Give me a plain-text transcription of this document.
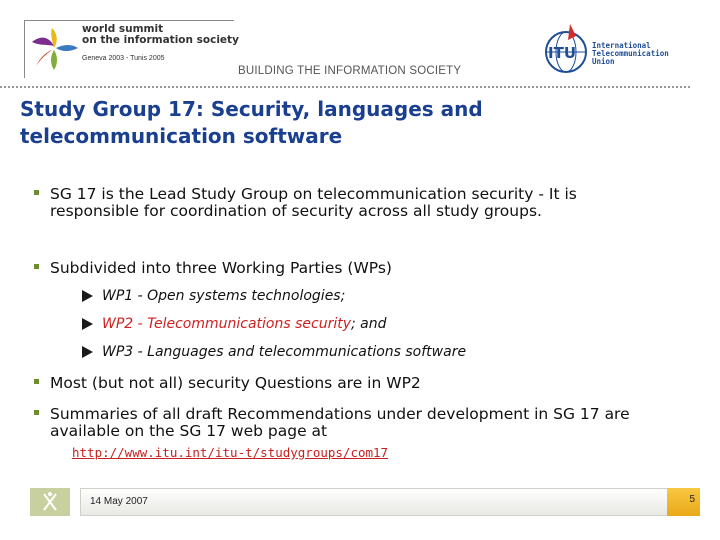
world summit
on the information society
Geneva 2003 - Tunis 2005	ITU International
Telecommunication
Union
BUILDING THE INFORMATION SOCIETY
Study Group 17: Security, languages and telecommunication software
SG 17 is the Lead Study Group on telecommunication security - It is responsible for coordination of security across all study groups.
Subdivided into three Working Parties (WPs)
WP1 - Open systems technologies;
WP2 - Telecommunications security; and
WP3 - Languages and telecommunications software
Most (but not all) security Questions are in WP2
Summaries of all draft Recommendations under development in SG 17 are available on the SG 17 web page at
http://www.itu.int/itu-t/studygroups/com17
14 May 2007	5
